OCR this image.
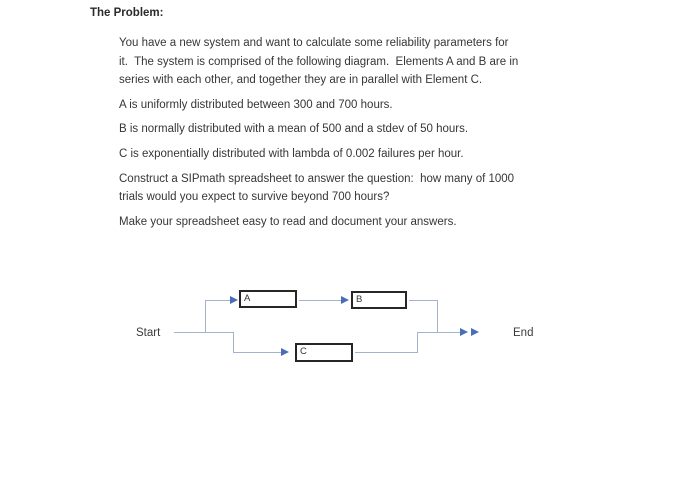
The Problem:

You have a new system and want to calculate some reliability parameters for
it.  The system is comprised of the following diagram.  Elements A and B are in
series with each other, and together they are in parallel with Element C.

A is uniformly distributed between 300 and 700 hours.

B is normally distributed with a mean of 500 and a stdev of 50 hours.

C is exponentially distributed with lambda of 0.002 failures per hour.

Construct a SIPmath spreadsheet to answer the question:  how many of 1000
trials would you expect to survive beyond 700 hours?

Make your spreadsheet easy to read and document your answers.

Start	End
A	B
C
